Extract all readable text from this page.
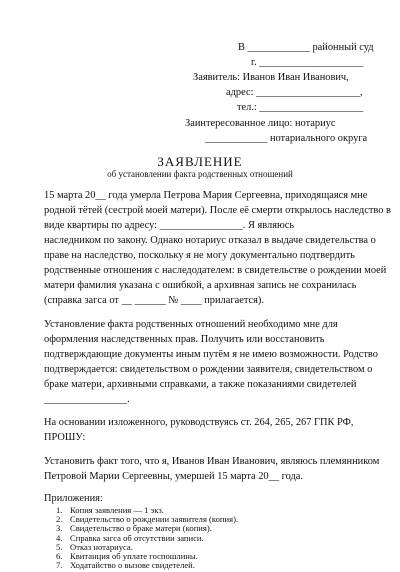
В ____________ районный суд
г. ____________________
Заявитель: Иванов Иван Иванович,
адрес: ____________________,
тел.: ____________________
Заинтересованное лицо: нотариус
____________ нотариального округа
ЗАЯВЛЕНИЕ
об установлении факта родственных отношений
15 марта 20__ года умерла Петрова Мария Сергеевна, приходящаяся мне
родной тётей (сестрой моей матери). После её смерти открылось наследство в
виде квартиры по адресу: ________________. Я являюсь
наследником по закону. Однако нотариус отказал в выдаче свидетельства о
праве на наследство, поскольку я не могу документально подтвердить
родственные отношения с наследодателем: в свидетельстве о рождении моей
матери фамилия указана с ошибкой, а архивная запись не сохранилась
(справка загса от __ ______ № ____ прилагается).
Установление факта родственных отношений необходимо мне для
оформления наследственных прав. Получить или восстановить
подтверждающие документы иным путём я не имею возможности. Родство
подтверждается: свидетельством о рождении заявителя, свидетельством о
браке матери, архивными справками, а также показаниями свидетелей
________________.
На основании изложенного, руководствуясь ст. 264, 265, 267 ГПК РФ,
ПРОШУ:
Установить факт того, что я, Иванов Иван Иванович, являюсь племянником
Петровой Марии Сергеевны, умершей 15 марта 20__ года.
Приложения:
1. Копия заявления — 1 экз.
2. Свидетельство о рождении заявителя (копия).
3. Свидетельство о браке матери (копия).
4. Справка загса об отсутствии записи.
5. Отказ нотариуса.
6. Квитанция об уплате госпошлины.
7. Ходатайство о вызове свидетелей.
